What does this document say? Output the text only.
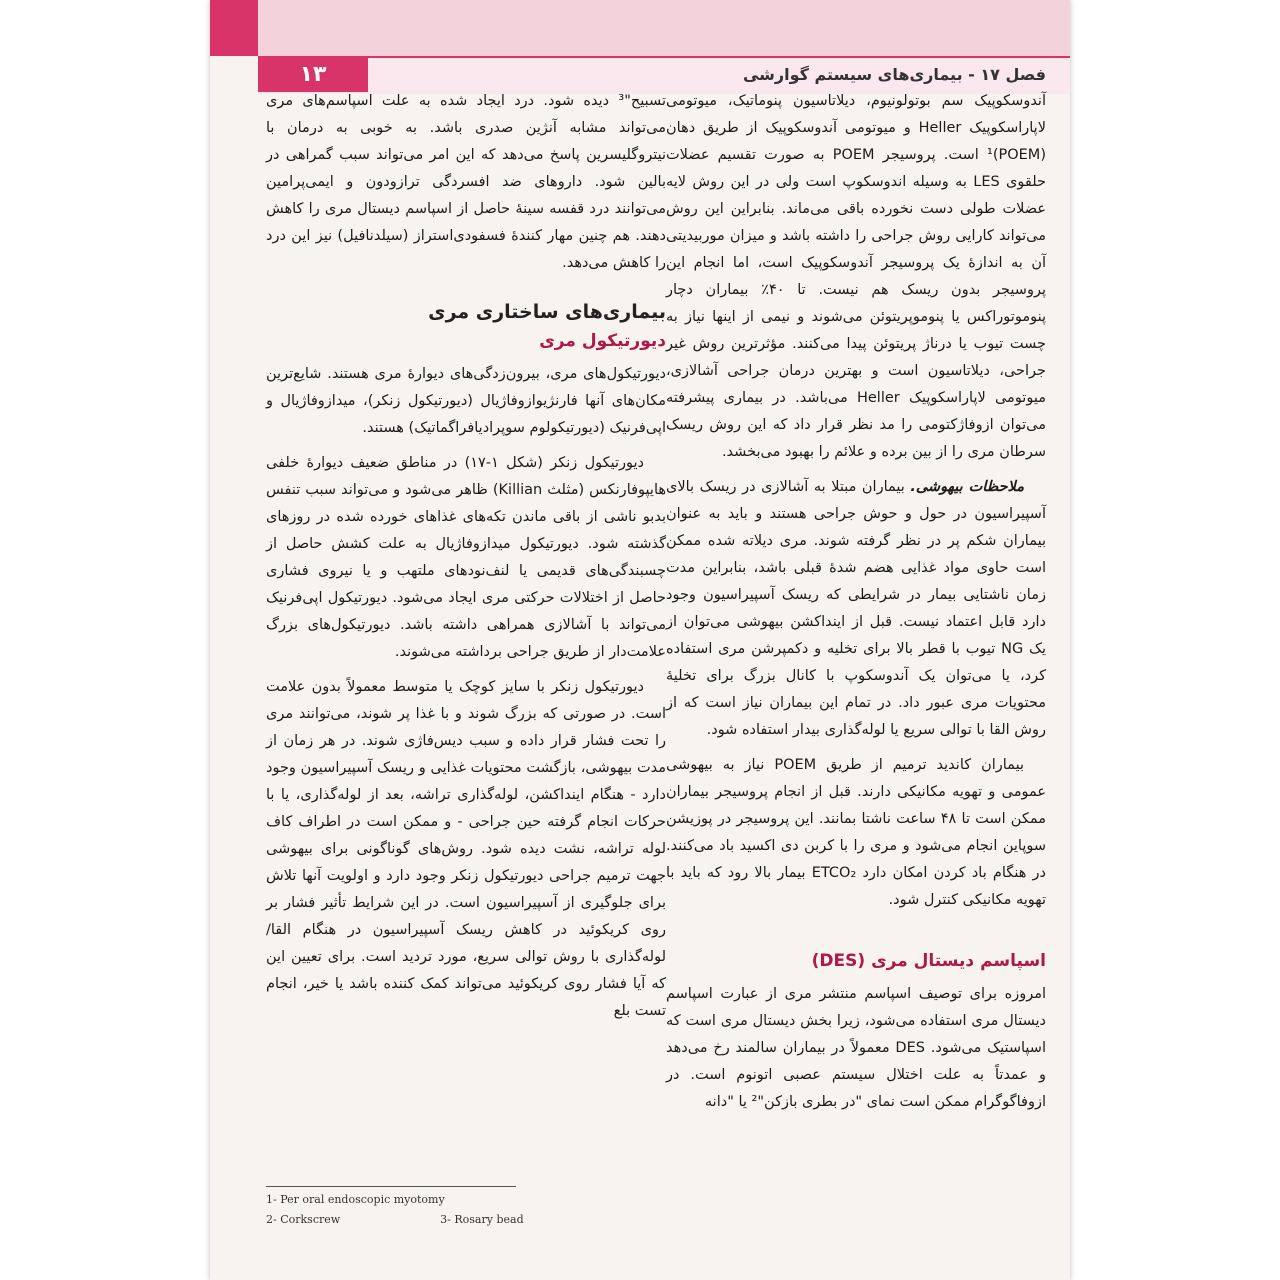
۱۳	فصل ۱۷ - بیماری‌های سیستم گوارشی

آندوسکوپیک سم بوتولونیوم، دیلاتاسیون پنوماتیک، میوتومی لاپاراسکوپیک Heller و میوتومی آندوسکوپیک از طریق دهان (POEM)¹ است. پروسیجر POEM به صورت تقسیم عضلات حلقوی LES به وسیله اندوسکوپ است ولی در این روش لایه عضلات طولی دست نخورده باقی می‌ماند. بنابراین این روش می‌تواند کارایی روش جراحی را داشته باشد و میزان موربیدیتی آن به اندازهٔ یک پروسیجر آندوسکوپیک است، اما انجام این پروسیجر بدون ریسک هم نیست. تا ۴۰٪ بیماران دچار پنوموتوراکس یا پنوموپریتوئن می‌شوند و نیمی از اینها نیاز به چست تیوب یا درناژ پریتوئن پیدا می‌کنند. مؤثرترین روش غیر جراحی، دیلاتاسیون است و بهترین درمان جراحی آشالازی، میوتومی لاپاراسکوپیک Heller می‌باشد. در بیماری پیشرفته می‌توان ازوفاژکتومی را مد نظر قرار داد که این روش ریسک سرطان مری را از بین برده و علائم را بهبود می‌بخشد.

ملاحظات بیهوشی. بیماران مبتلا به آشالازی در ریسک بالای آسپیراسیون در حول و حوش جراحی هستند و باید به عنوان بیماران شکم پر در نظر گرفته شوند. مری دیلاته شده ممکن است حاوی مواد غذایی هضم شدهٔ قبلی باشد، بنابراین مدت زمان ناشتایی بیمار در شرایطی که ریسک آسپیراسیون وجود دارد قابل اعتماد نیست. قبل از اینداکشن بیهوشی می‌توان از یک NG تیوب با قطر بالا برای تخلیه و دکمپرشن مری استفاده کرد، یا می‌توان یک آندوسکوپ با کانال بزرگ برای تخلیهٔ محتویات مری عبور داد. در تمام این بیماران نیاز است که از روش القا با توالی سریع یا لوله‌گذاری بیدار استفاده شود.

بیماران کاندید ترمیم از طریق POEM نیاز به بیهوشی عمومی و تهویه مکانیکی دارند. قبل از انجام پروسیجر بیماران ممکن است تا ۴۸ ساعت ناشتا بمانند. این پروسیجر در پوزیشن سوپاین انجام می‌شود و مری را با کربن دی اکسید باد می‌کنند. در هنگام باد کردن امکان دارد ETCO₂ بیمار بالا رود که باید با تهویه مکانیکی کنترل شود.

اسپاسم دیستال مری (DES)

امروزه برای توصیف اسپاسم منتشر مری از عبارت اسپاسم دیستال مری استفاده می‌شود، زیرا بخش دیستال مری است که اسپاستیک می‌شود. DES معمولاً در بیماران سالمند رخ می‌دهد و عمدتاً به علت اختلال سیستم عصبی اتونوم است. در ازوفاگوگرام ممکن است نمای "در بطری بازکن"² یا "دانه

تسبیح"³ دیده شود. درد ایجاد شده به علت اسپاسم‌های مری می‌تواند مشابه آنژین صدری باشد. به خوبی به درمان با نیتروگلیسرین پاسخ می‌دهد که این امر می‌تواند سبب گمراهی در بالین شود. داروهای ضد افسردگی ترازودون و ایمی‌پرامین می‌توانند درد قفسه سینهٔ حاصل از اسپاسم دیستال مری را کاهش دهند. هم چنین مهار کنندهٔ فسفودی‌استراز (سیلدنافیل) نیز این درد را کاهش می‌دهد.

بیماری‌های ساختاری مری
دیورتیکول مری

دیورتیکول‌های مری، بیرون‌زدگی‌های دیوارهٔ مری هستند. شایع‌ترین مکان‌های آنها فارنژیوازوفاژیال (دیورتیکول زنکر)، میدازوفاژیال و اپی‌فرنیک (دیورتیکولوم سوپرادیافراگماتیک) هستند.

دیورتیکول زنکر (شکل ۱-۱۷) در مناطق ضعیف دیوارهٔ خلفی هایپوفارنکس (مثلث Killian) ظاهر می‌شود و می‌تواند سبب تنفس بدبو ناشی از باقی ماندن تکه‌های غذاهای خورده شده در روزهای گذشته شود. دیورتیکول میدازوفاژیال به علت کشش حاصل از چسبندگی‌های قدیمی یا لنف‌نودهای ملتهب و یا نیروی فشاری حاصل از اختلالات حرکتی مری ایجاد می‌شود. دیورتیکول اپی‌فرنیک می‌تواند با آشالازی همراهی داشته باشد. دیورتیکول‌های بزرگ علامت‌دار از طریق جراحی برداشته می‌شوند.

دیورتیکول زنکر با سایز کوچک یا متوسط معمولاً بدون علامت است. در صورتی که بزرگ شوند و با غذا پر شوند، می‌توانند مری را تحت فشار قرار داده و سبب دیس‌فاژی شوند. در هر زمان از مدت بیهوشی، بازگشت محتویات غذایی و ریسک آسپیراسیون وجود دارد - هنگام اینداکشن، لوله‌گذاری تراشه، بعد از لوله‌گذاری، یا با حرکات انجام گرفته حین جراحی - و ممکن است در اطراف کاف لوله تراشه، نشت دیده شود. روش‌های گوناگونی برای بیهوشی جهت ترمیم جراحی دیورتیکول زنکر وجود دارد و اولویت آنها تلاش برای جلوگیری از آسپیراسیون است. در این شرایط تأثیر فشار بر روی کریکوئید در کاهش ریسک آسپیراسیون در هنگام القا/ لوله‌گذاری با روش توالی سریع، مورد تردید است. برای تعیین این که آیا فشار روی کریکوئید می‌تواند کمک کننده باشد یا خیر، انجام تست بلع

1- Per oral endoscopic myotomy
2- Corkscrew	3- Rosary bead
